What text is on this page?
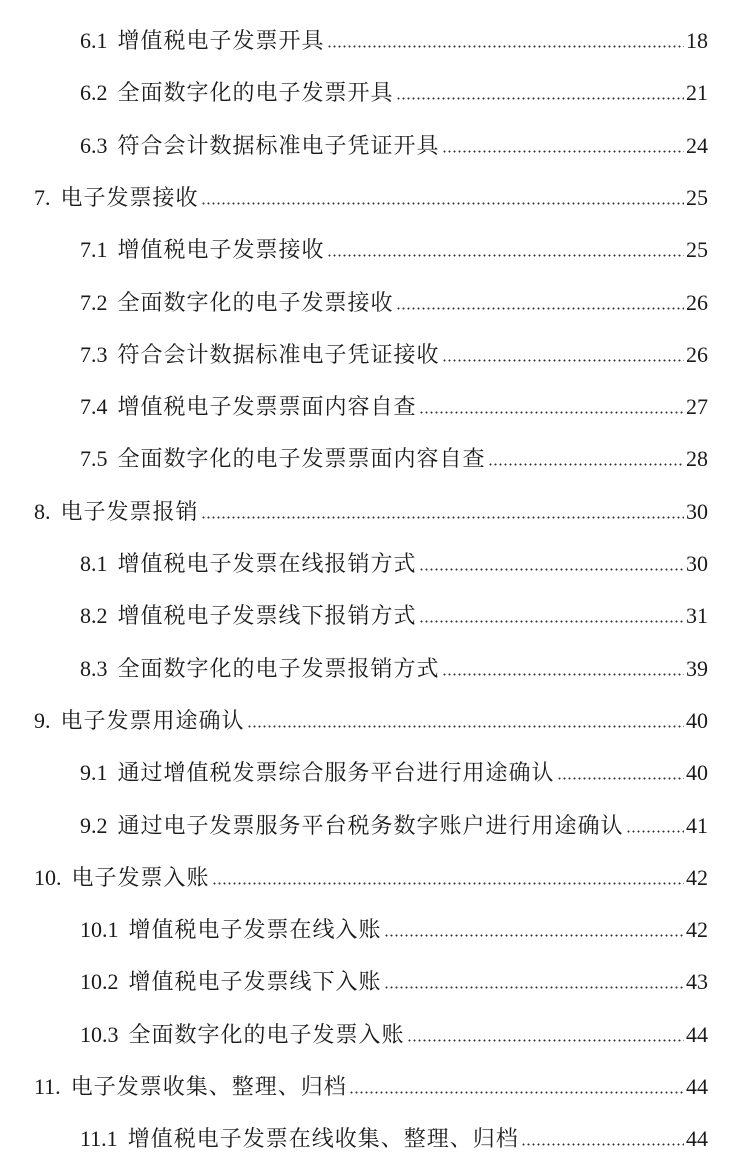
6.1 增值税电子发票开具	18
6.2 全面数字化的电子发票开具	21
6.3 符合会计数据标准电子凭证开具	24
7. 电子发票接收	25
7.1 增值税电子发票接收	25
7.2 全面数字化的电子发票接收	26
7.3 符合会计数据标准电子凭证接收	26
7.4 增值税电子发票票面内容自查	27
7.5 全面数字化的电子发票票面内容自查	28
8. 电子发票报销	30
8.1 增值税电子发票在线报销方式	30
8.2 增值税电子发票线下报销方式	31
8.3 全面数字化的电子发票报销方式	39
9. 电子发票用途确认	40
9.1 通过增值税发票综合服务平台进行用途确认	40
9.2 通过电子发票服务平台税务数字账户进行用途确认	41
10. 电子发票入账	42
10.1 增值税电子发票在线入账	42
10.2 增值税电子发票线下入账	43
10.3 全面数字化的电子发票入账	44
11. 电子发票收集、整理、归档	44
11.1 增值税电子发票在线收集、整理、归档	44
